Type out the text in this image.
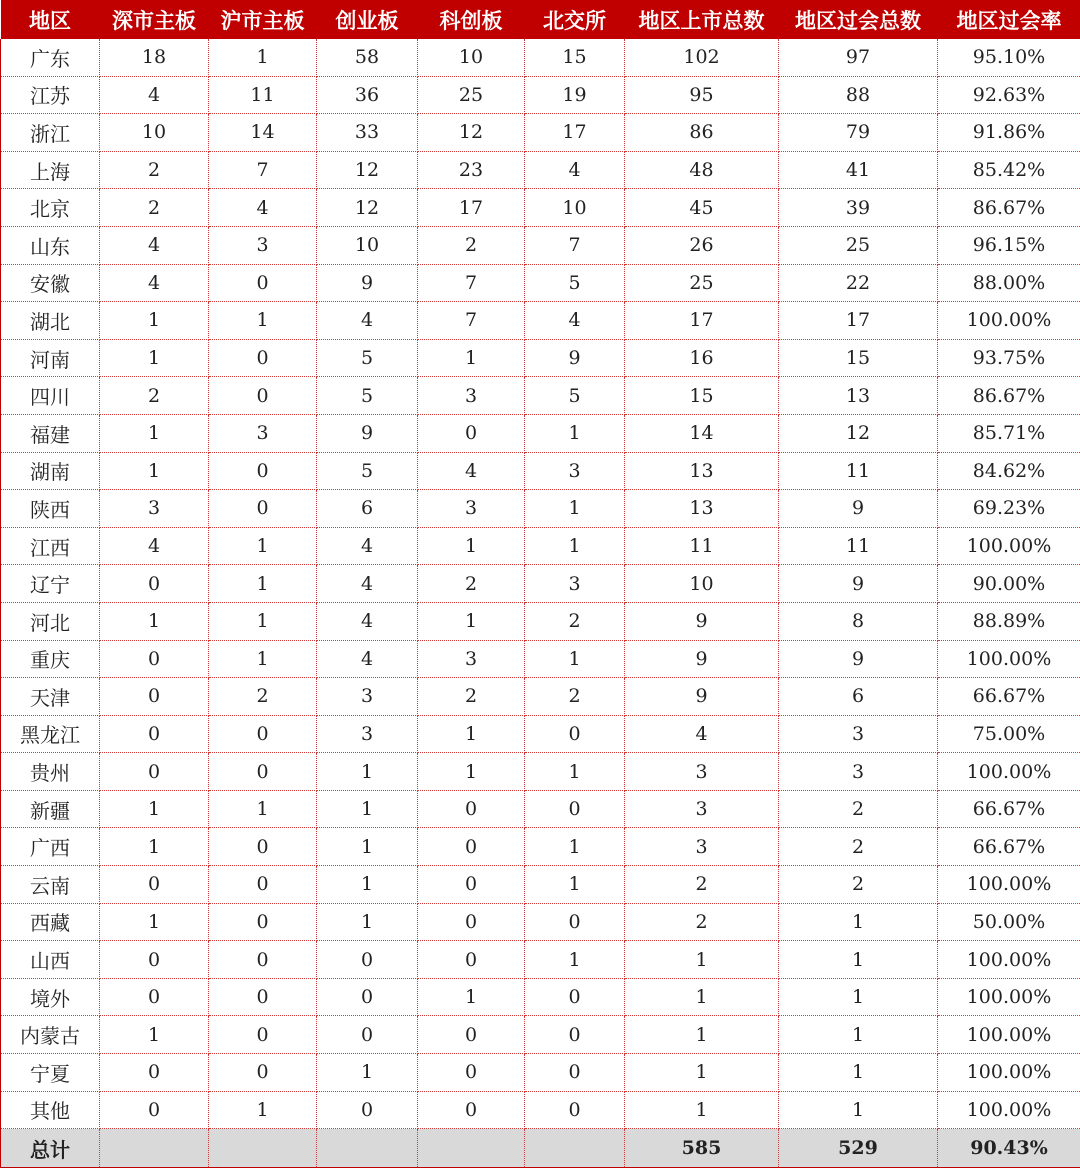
地区	深市主板	沪市主板	创业板	科创板	北交所	地区上市总数	地区过会总数	地区过会率
广东	18	1	58	10	15	102	97	95.10%
江苏	4	11	36	25	19	95	88	92.63%
浙江	10	14	33	12	17	86	79	91.86%
上海	2	7	12	23	4	48	41	85.42%
北京	2	4	12	17	10	45	39	86.67%
山东	4	3	10	2	7	26	25	96.15%
安徽	4	0	9	7	5	25	22	88.00%
湖北	1	1	4	7	4	17	17	100.00%
河南	1	0	5	1	9	16	15	93.75%
四川	2	0	5	3	5	15	13	86.67%
福建	1	3	9	0	1	14	12	85.71%
湖南	1	0	5	4	3	13	11	84.62%
陕西	3	0	6	3	1	13	9	69.23%
江西	4	1	4	1	1	11	11	100.00%
辽宁	0	1	4	2	3	10	9	90.00%
河北	1	1	4	1	2	9	8	88.89%
重庆	0	1	4	3	1	9	9	100.00%
天津	0	2	3	2	2	9	6	66.67%
黑龙江	0	0	3	1	0	4	3	75.00%
贵州	0	0	1	1	1	3	3	100.00%
新疆	1	1	1	0	0	3	2	66.67%
广西	1	0	1	0	1	3	2	66.67%
云南	0	0	1	0	1	2	2	100.00%
西藏	1	0	1	0	0	2	1	50.00%
山西	0	0	0	0	1	1	1	100.00%
境外	0	0	0	1	0	1	1	100.00%
内蒙古	1	0	0	0	0	1	1	100.00%
宁夏	0	0	1	0	0	1	1	100.00%
其他	0	1	0	0	0	1	1	100.00%
总计						585	529	90.43%
